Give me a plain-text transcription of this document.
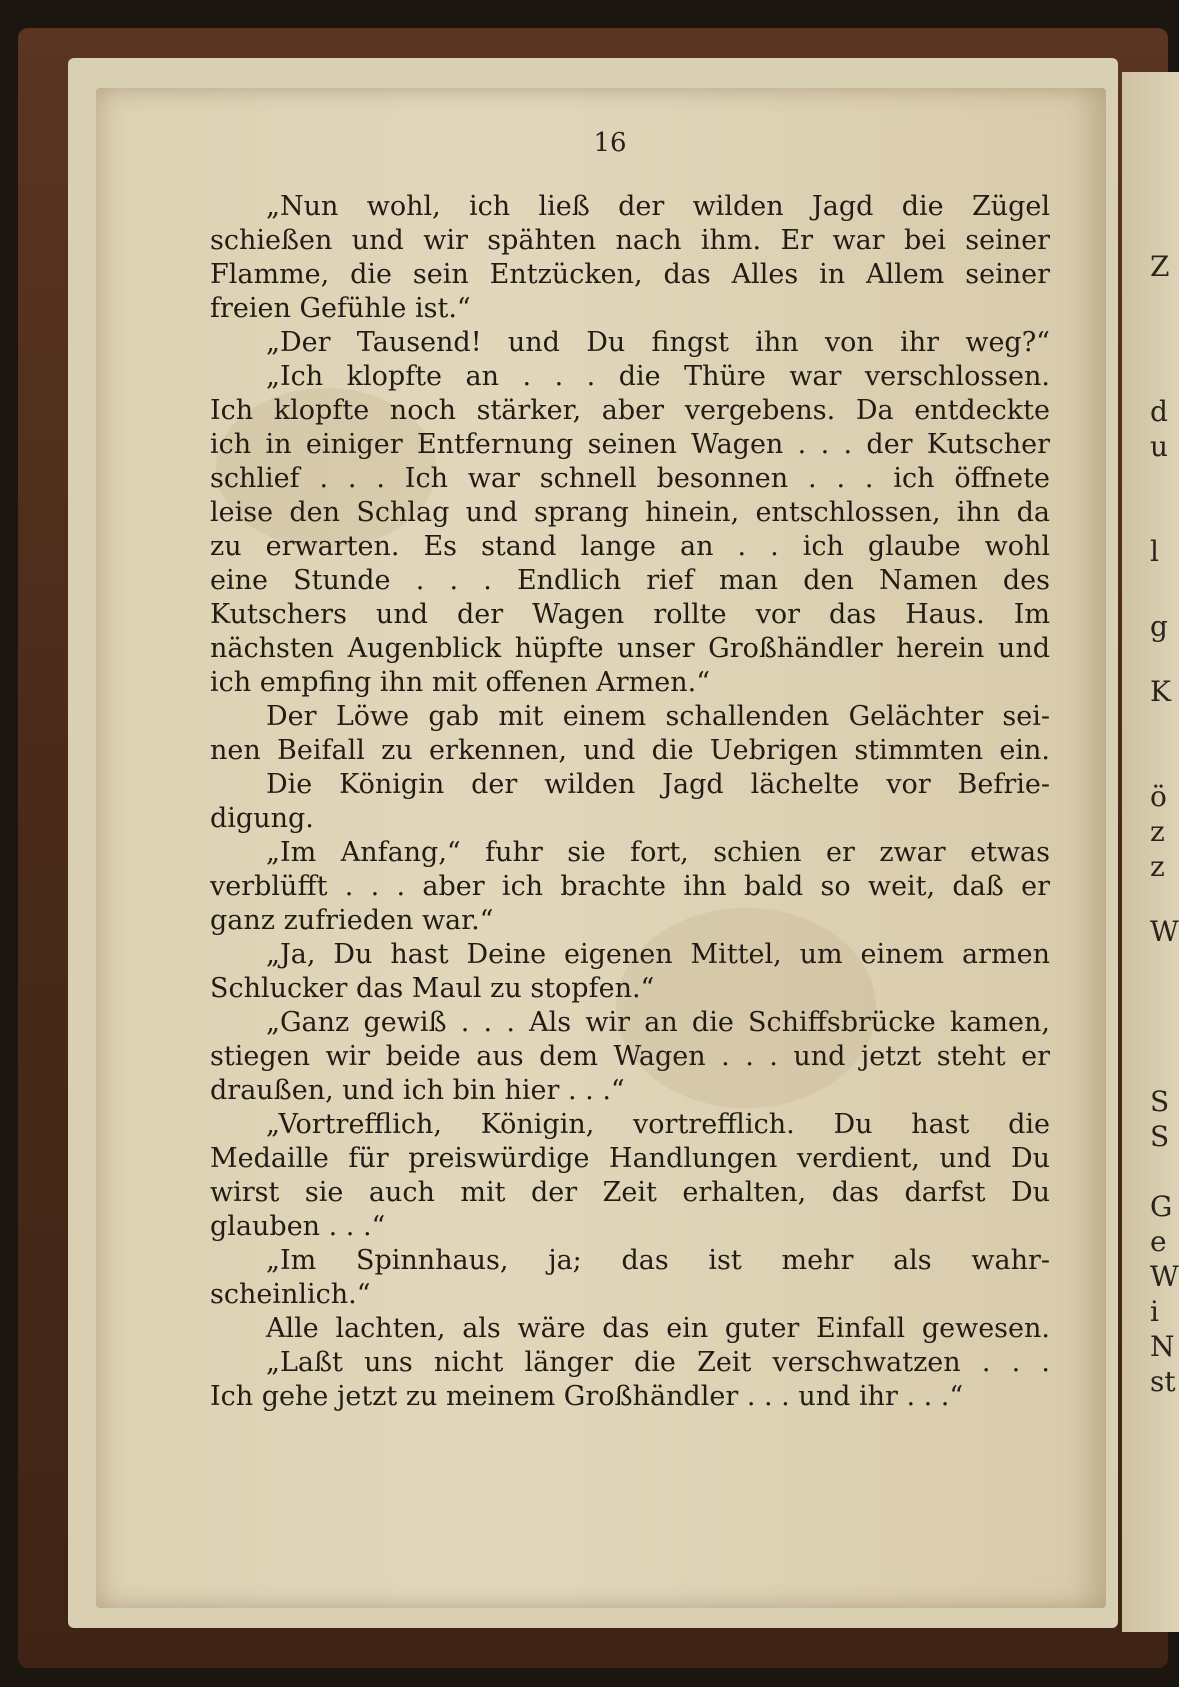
16
„Nun wohl, ich ließ der wilden Jagd die Zügel
schießen und wir spähten nach ihm. Er war bei seiner
Flamme, die sein Entzücken, das Alles in Allem seiner
freien Gefühle ist.“
„Der Tausend! und Du fingst ihn von ihr weg?“
„Ich klopfte an . . . die Thüre war verschlossen.
Ich klopfte noch stärker, aber vergebens. Da entdeckte
ich in einiger Entfernung seinen Wagen . . . der Kutscher
schlief . . . Ich war schnell besonnen . . . ich öffnete
leise den Schlag und sprang hinein, entschlossen, ihn da
zu erwarten. Es stand lange an . . ich glaube wohl
eine Stunde . . . Endlich rief man den Namen des
Kutschers und der Wagen rollte vor das Haus. Im
nächsten Augenblick hüpfte unser Großhändler herein und
ich empfing ihn mit offenen Armen.“
Der Löwe gab mit einem schallenden Gelächter sei-
nen Beifall zu erkennen, und die Uebrigen stimmten ein.
Die Königin der wilden Jagd lächelte vor Befrie-
digung.
„Im Anfang,“ fuhr sie fort, schien er zwar etwas
verblüfft . . . aber ich brachte ihn bald so weit, daß er
ganz zufrieden war.“
„Ja, Du hast Deine eigenen Mittel, um einem armen
Schlucker das Maul zu stopfen.“
„Ganz gewiß . . . Als wir an die Schiffsbrücke kamen,
stiegen wir beide aus dem Wagen . . . und jetzt steht er
draußen, und ich bin hier . . .“
„Vortrefflich, Königin, vortrefflich. Du hast die
Medaille für preiswürdige Handlungen verdient, und Du
wirst sie auch mit der Zeit erhalten, das darfst Du
glauben . . .“
„Im Spinnhaus, ja; das ist mehr als wahr-
scheinlich.“
Alle lachten, als wäre das ein guter Einfall gewesen.
„Laßt uns nicht länger die Zeit verschwatzen . . .
Ich gehe jetzt zu meinem Großhändler . . . und ihr . . .“
Z
d
u
l
g
K
ö
z
z
W
S
S
G
e
W
i
N
st
